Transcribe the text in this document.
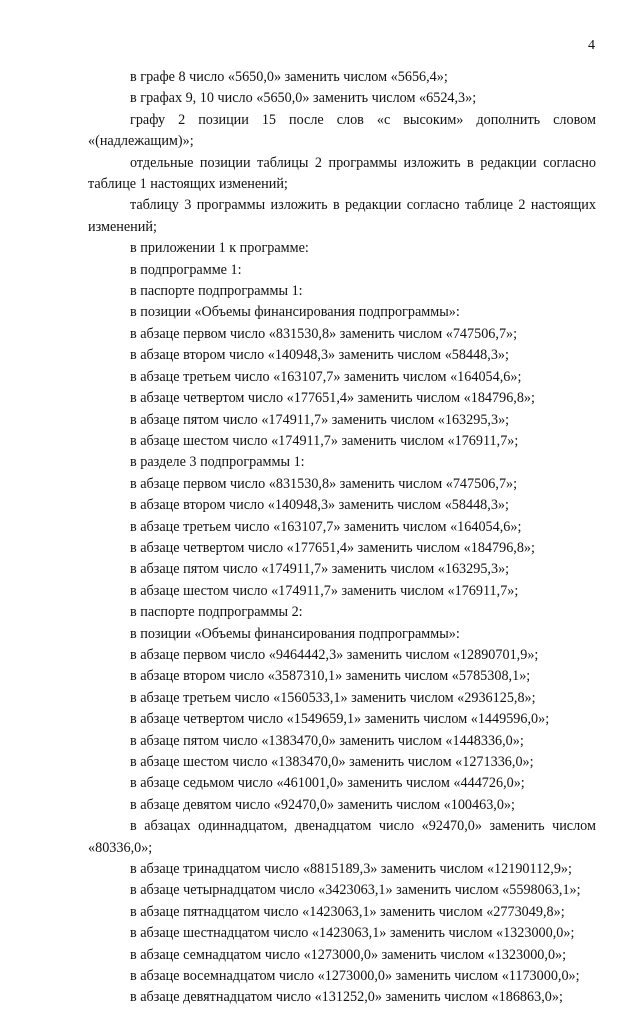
4

в графе 8 число «5650,0» заменить числом «5656,4»;

в графах 9, 10 число «5650,0» заменить числом «6524,3»;

графу 2 позиции 15 после слов «с высоким» дополнить словом «(надлежащим)»;

отдельные позиции таблицы 2 программы изложить в редакции согласно таблице 1 настоящих изменений;

таблицу 3 программы изложить в редакции согласно таблице 2 настоящих изменений;

в приложении 1 к программе:

в подпрограмме 1:

в паспорте подпрограммы 1:

в позиции «Объемы финансирования подпрограммы»:

в абзаце первом число «831530,8» заменить числом «747506,7»;

в абзаце втором число «140948,3» заменить числом «58448,3»;

в абзаце третьем число «163107,7» заменить числом «164054,6»;

в абзаце четвертом число «177651,4» заменить числом «184796,8»;

в абзаце пятом число «174911,7» заменить числом «163295,3»;

в абзаце шестом число «174911,7» заменить числом «176911,7»;

в разделе 3 подпрограммы 1:

в абзаце первом число «831530,8» заменить числом «747506,7»;

в абзаце втором число «140948,3» заменить числом «58448,3»;

в абзаце третьем число «163107,7» заменить числом «164054,6»;

в абзаце четвертом число «177651,4» заменить числом «184796,8»;

в абзаце пятом число «174911,7» заменить числом «163295,3»;

в абзаце шестом число «174911,7» заменить числом «176911,7»;

в паспорте подпрограммы 2:

в позиции «Объемы финансирования подпрограммы»:

в абзаце первом число «9464442,3» заменить числом «12890701,9»;

в абзаце втором число «3587310,1» заменить числом «5785308,1»;

в абзаце третьем число «1560533,1» заменить числом «2936125,8»;

в абзаце четвертом число «1549659,1» заменить числом «1449596,0»;

в абзаце пятом число «1383470,0» заменить числом «1448336,0»;

в абзаце шестом число «1383470,0» заменить числом «1271336,0»;

в абзаце седьмом число «461001,0» заменить числом «444726,0»;

в абзаце девятом число «92470,0» заменить числом «100463,0»;

в абзацах одиннадцатом, двенадцатом число «92470,0» заменить числом «80336,0»;

в абзаце тринадцатом число «8815189,3» заменить числом «12190112,9»;

в абзаце четырнадцатом число «3423063,1» заменить числом «5598063,1»;

в абзаце пятнадцатом число «1423063,1» заменить числом «2773049,8»;

в абзаце шестнадцатом число «1423063,1» заменить числом «1323000,0»;

в абзаце семнадцатом число «1273000,0» заменить числом «1323000,0»;

в абзаце восемнадцатом число «1273000,0» заменить числом «1173000,0»;

в абзаце девятнадцатом число «131252,0» заменить числом «186863,0»;
